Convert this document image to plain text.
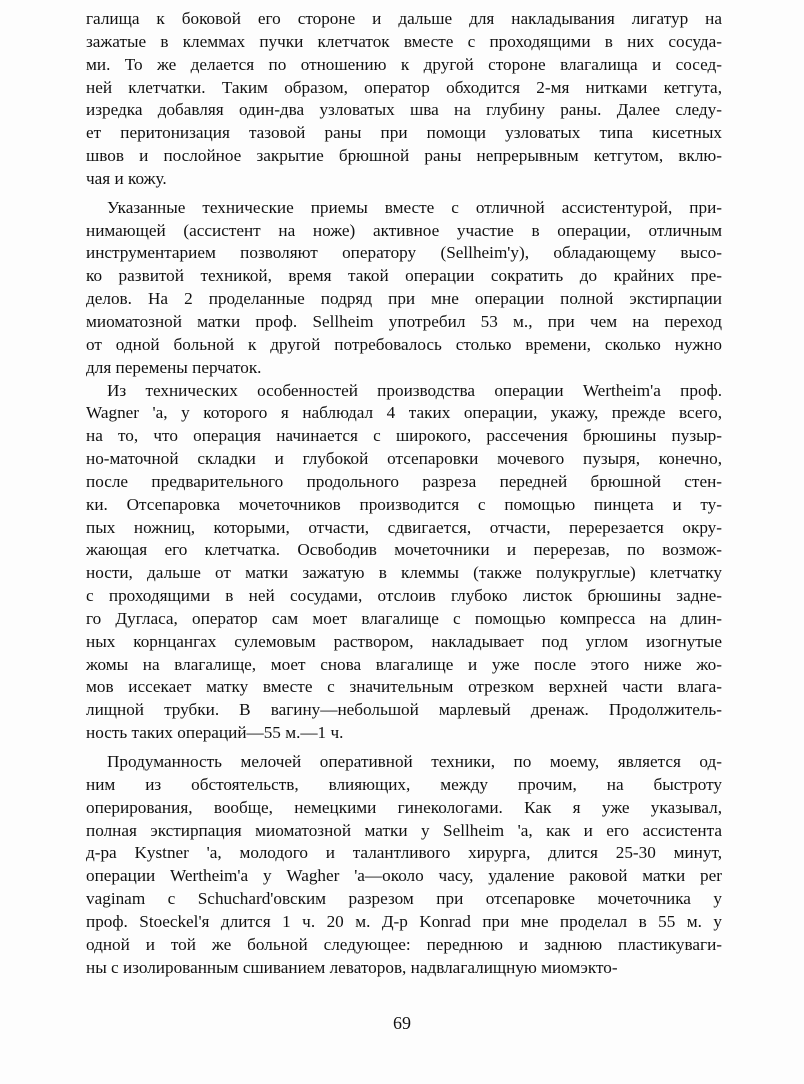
галища к боковой его стороне и дальше для накладывания лигатур на
зажатые в клеммах пучки клетчаток вместе с проходящими в них сосуда-
ми. То же делается по отношению к другой стороне влагалища и сосед-
ней клетчатки. Таким образом, оператор обходится 2-мя нитками кетгута,
изредка добавляя один-два узловатых шва на глубину раны. Далее следу-
ет перитонизация тазовой раны при помощи узловатых типа кисетных
швов и послойное закрытие брюшной раны непрерывным кетгутом, вклю-
чая и кожу.
Указанные технические приемы вместе с отличной ассистентурой, при-
нимающей (ассистент на ноже) активное участие в операции, отличным
инструментарием позволяют оператору (Sellheim'у), обладающему высо-
ко развитой техникой, время такой операции сократить до крайних пре-
делов. На 2 проделанные подряд при мне операции полной экстирпации
миоматозной матки проф. Sellheim употребил 53 м., при чем на переход
от одной больной к другой потребовалось столько времени, сколько нужно
для перемены перчаток.
Из технических особенностей производства операции Wertheim'a проф.
Wagner 'a, у которого я наблюдал 4 таких операции, укажу, прежде всего,
на то, что операция начинается с широкого, рассечения брюшины пузыр-
но-маточной складки и глубокой отсепаровки мочевого пузыря, конечно,
после предварительного продольного разреза передней брюшной стен-
ки. Отсепаровка мочеточников производится с помощью пинцета и ту-
пых ножниц, которыми, отчасти, сдвигается, отчасти, перерезается окру-
жающая его клетчатка. Освободив мочеточники и перерезав, по возмож-
ности, дальше от матки зажатую в клеммы (также полукруглые) клетчатку
с проходящими в ней сосудами, отслоив глубоко листок брюшины задне-
го Дугласа, оператор сам моет влагалище с помощью компресса на длин-
ных корнцангах сулемовым раствором, накладывает под углом изогнутые
жомы на влагалище, моет снова влагалище и уже после этого ниже жо-
мов иссекает матку вместе с значительным отрезком верхней части влага-
лищной трубки. В вагину—небольшой марлевый дренаж. Продолжитель-
ность таких операций—55 м.—1 ч.
Продуманность мелочей оперативной техники, по моему, является од-
ним из обстоятельств, влияющих, между прочим, на быстроту
оперирования, вообще, немецкими гинекологами. Как я уже указывал,
полная экстирпация миоматозной матки у Sellheim 'a, как и его ассистента
д-ра Kystner 'a, молодого и талантливого хирурга, длится 25-30 минут,
операции Wertheim'a у Wagher 'a—около часу, удаление раковой матки per
vaginam с Schuchard'овским разрезом при отсепаровке мочеточника у
проф. Stoeckel'я длится 1 ч. 20 м. Д-р Konrad при мне проделал в 55 м. у
одной и той же больной следующее: переднюю и заднюю пластикуваги-
ны с изолированным сшиванием леваторов, надвлагалищную миомэкто-
69
